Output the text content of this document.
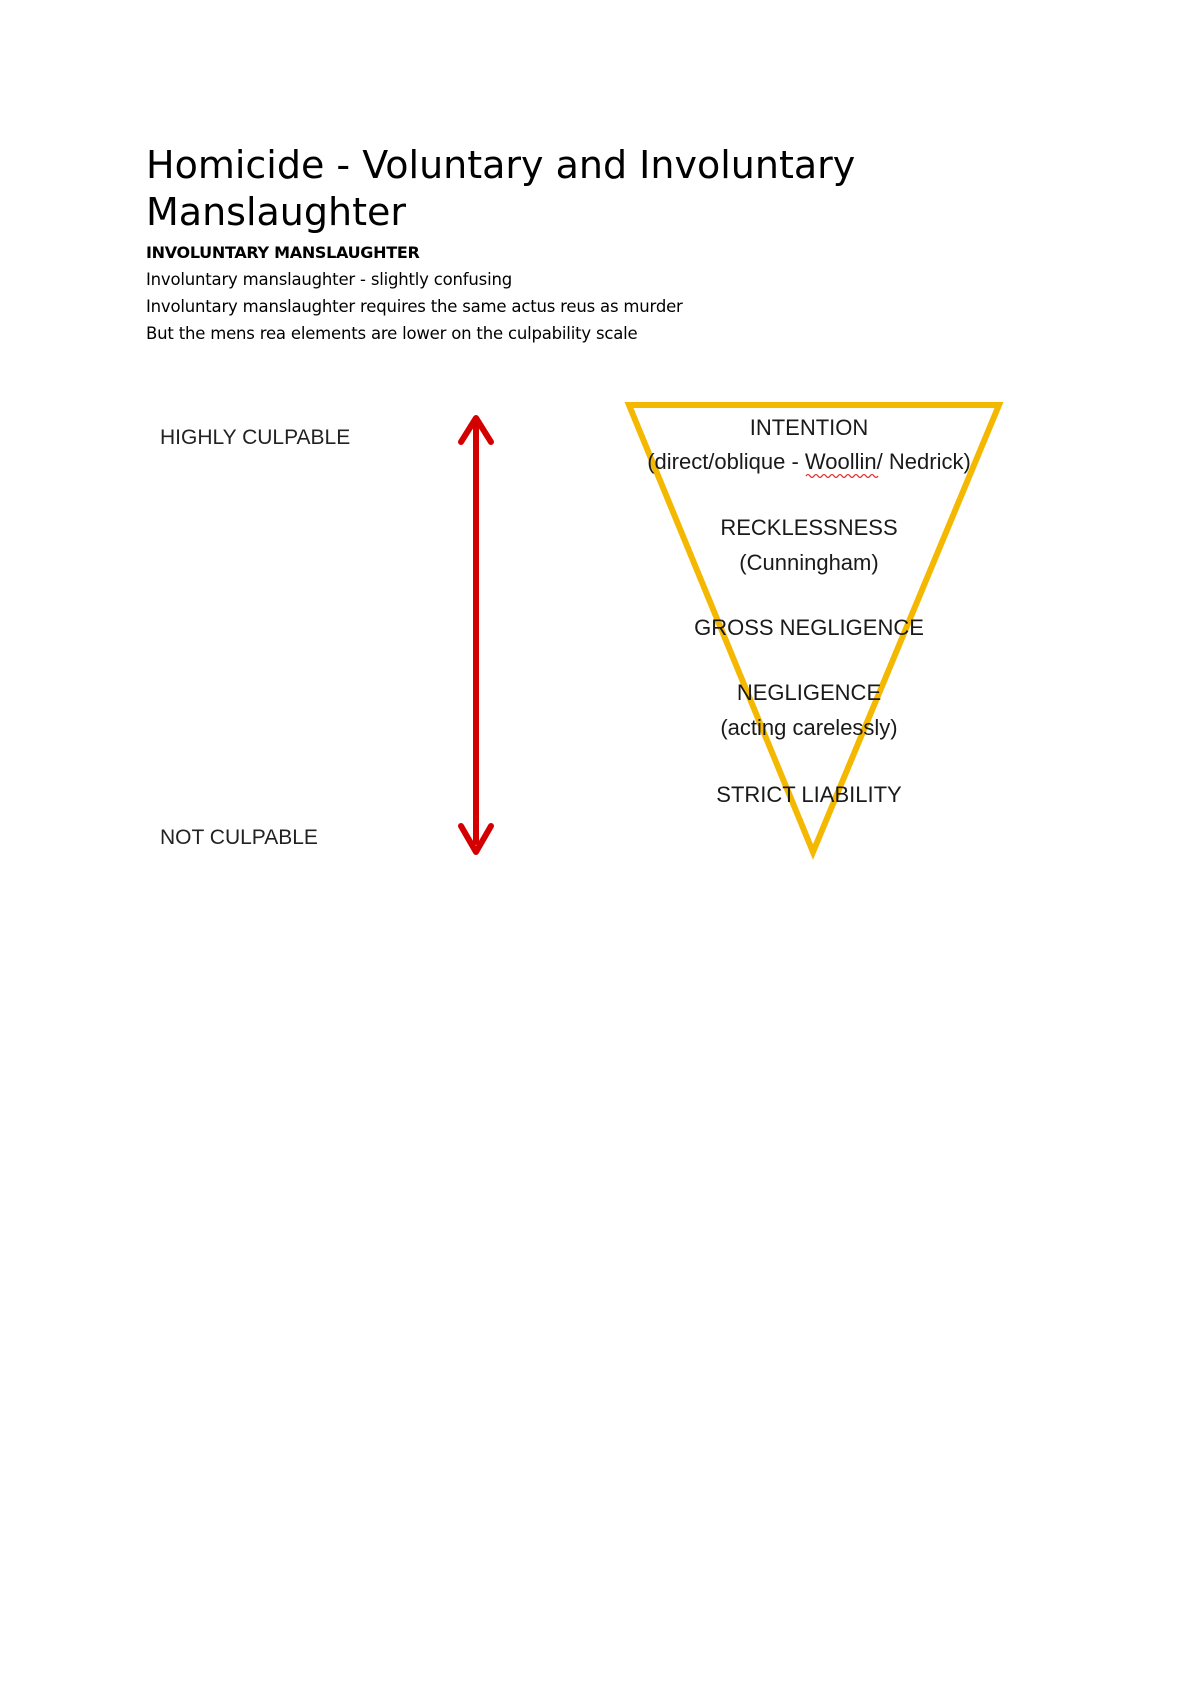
Homicide - Voluntary and Involuntary Manslaughter
INVOLUNTARY MANSLAUGHTER
Involuntary manslaughter - slightly confusing
Involuntary manslaughter requires the same actus reus as murder
But the mens rea elements are lower on the culpability scale
HIGHLY CULPABLE
NOT CULPABLE
INTENTION
(direct/oblique - Woollin/ Nedrick)
RECKLESSNESS
(Cunningham)
GROSS NEGLIGENCE
NEGLIGENCE
(acting carelessly)
STRICT LIABILITY
